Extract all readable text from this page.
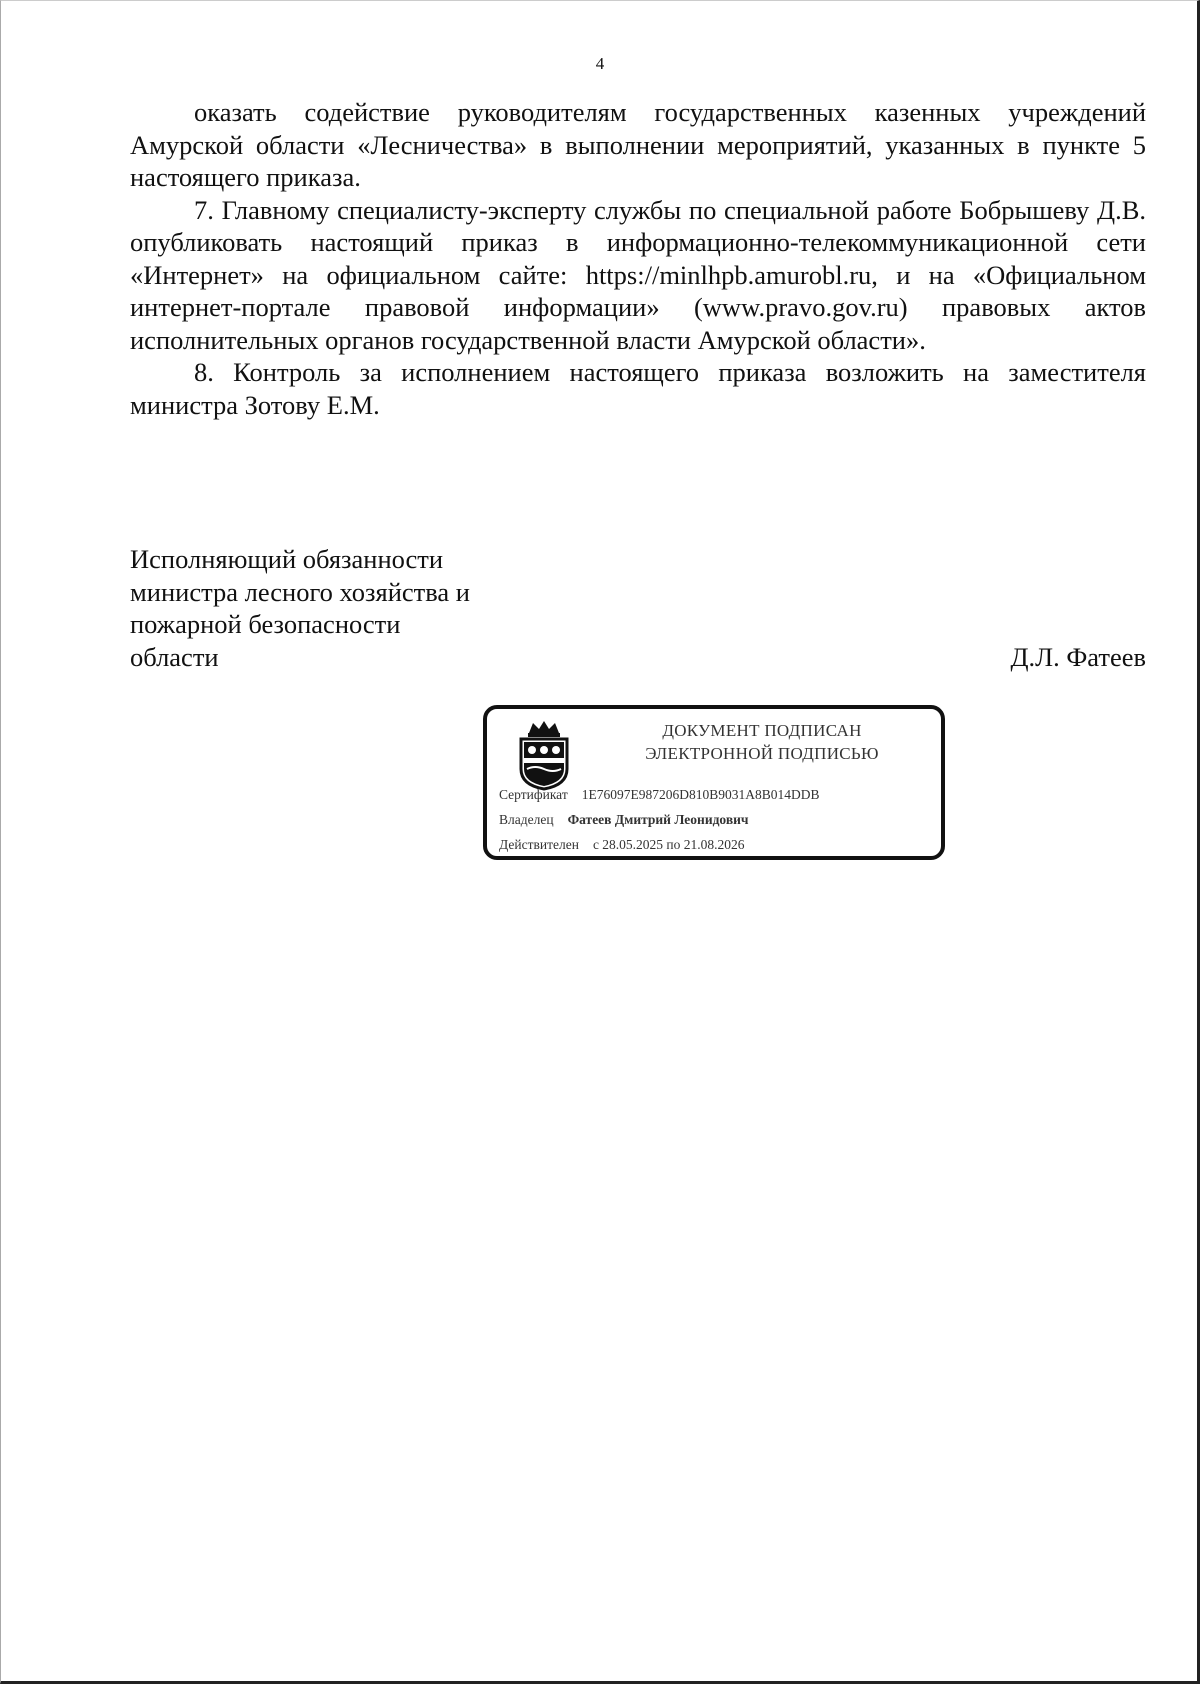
4

оказать содействие руководителям государственных казенных учреждений Амурской области «Лесничества» в выполнении мероприятий, указанных в пункте 5 настоящего приказа.

7. Главному специалисту-эксперту службы по специальной работе Бобрышеву Д.В. опубликовать настоящий приказ в информационно-телекоммуникационной сети «Интернет» на официальном сайте: https://minlhpb.amurobl.ru, и на «Официальном интернет-портале правовой информации» (www.pravo.gov.ru) правовых актов исполнительных органов государственной власти Амурской области».

8. Контроль за исполнением настоящего приказа возложить на заместителя министра Зотову Е.М.

Исполняющий обязанности
министра лесного хозяйства и
пожарной безопасности
области	Д.Л. Фатеев
ДОКУМЕНТ ПОДПИСАН
ЭЛЕКТРОННОЙ ПОДПИСЬЮ
Сертификат 1E76097E987206D810B9031A8B014DDB
Владелец Фатеев Дмитрий Леонидович
Действителен с 28.05.2025 по 21.08.2026
